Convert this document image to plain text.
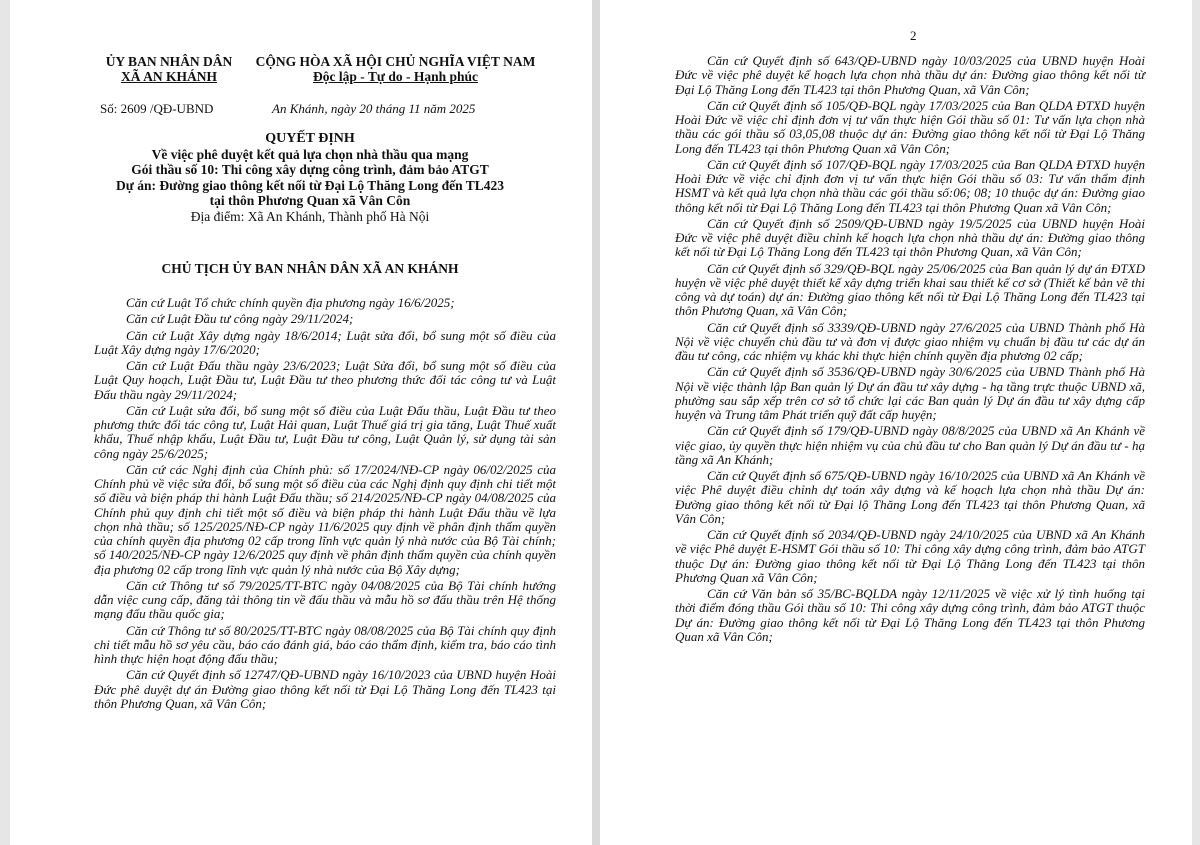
ỦY BAN NHÂN DÂN
XÃ AN KHÁNH
CỘNG HÒA XÃ HỘI CHỦ NGHĨA VIỆT NAM
Độc lập - Tự do - Hạnh phúc
Số: 2609 /QĐ-UBND	An Khánh, ngày 20 tháng 11 năm 2025
QUYẾT ĐỊNH
Về việc phê duyệt kết quả lựa chọn nhà thầu qua mạng
Gói thầu số 10: Thi công xây dựng công trình, đảm bảo ATGT
Dự án: Đường giao thông kết nối từ Đại Lộ Thăng Long đến TL423
tại thôn Phương Quan xã Vân Côn
Địa điểm: Xã An Khánh, Thành phố Hà Nội
CHỦ TỊCH ỦY BAN NHÂN DÂN XÃ AN KHÁNH

Căn cứ Luật Tổ chức chính quyền địa phương ngày 16/6/2025;

Căn cứ Luật Đầu tư công ngày 29/11/2024;

Căn cứ Luật Xây dựng ngày 18/6/2014; Luật sửa đổi, bổ sung một số điều của Luật Xây dựng ngày 17/6/2020;

Căn cứ Luật Đấu thầu ngày 23/6/2023; Luật Sửa đổi, bổ sung một số điều của Luật Quy hoạch, Luật Đầu tư, Luật Đầu tư theo phương thức đối tác công tư và Luật Đấu thầu ngày 29/11/2024;

Căn cứ Luật sửa đổi, bổ sung một số điều của Luật Đấu thầu, Luật Đầu tư theo phương thức đối tác công tư, Luật Hải quan, Luật Thuế giá trị gia tăng, Luật Thuế xuất khẩu, Thuế nhập khẩu, Luật Đầu tư, Luật Đầu tư công, Luật Quản lý, sử dụng tài sản công ngày 25/6/2025;

Căn cứ các Nghị định của Chính phủ: số 17/2024/NĐ-CP ngày 06/02/2025 của Chính phủ về việc sửa đổi, bổ sung một số điều của các Nghị định quy định chi tiết một số điều và biện pháp thi hành Luật Đấu thầu; số 214/2025/NĐ-CP ngày 04/08/2025 của Chính phủ quy định chi tiết một số điều và biện pháp thi hành Luật Đấu thầu về lựa chọn nhà thầu; số 125/2025/NĐ-CP ngày 11/6/2025 quy định về phân định thẩm quyền của chính quyền địa phương 02 cấp trong lĩnh vực quản lý nhà nước của Bộ Tài chính; số 140/2025/NĐ-CP ngày 12/6/2025 quy định về phân định thẩm quyền của chính quyền địa phương 02 cấp trong lĩnh vực quản lý nhà nước của Bộ Xây dựng;

Căn cứ Thông tư số 79/2025/TT-BTC ngày 04/08/2025 của Bộ Tài chính hướng dẫn việc cung cấp, đăng tải thông tin về đấu thầu và mẫu hồ sơ đấu thầu trên Hệ thống mạng đấu thầu quốc gia;

Căn cứ Thông tư số 80/2025/TT-BTC ngày 08/08/2025 của Bộ Tài chính quy định chi tiết mẫu hồ sơ yêu cầu, báo cáo đánh giá, báo cáo thẩm định, kiểm tra, báo cáo tình hình thực hiện hoạt động đấu thầu;

Căn cứ Quyết định số 12747/QĐ-UBND ngày 16/10/2023 của UBND huyện Hoài Đức phê duyệt dự án Đường giao thông kết nối từ Đại Lộ Thăng Long đến TL423 tại thôn Phương Quan, xã Vân Côn;

2

Căn cứ Quyết định số 643/QĐ-UBND ngày 10/03/2025 của UBND huyện Hoài Đức về việc phê duyệt kế hoạch lựa chọn nhà thầu dự án: Đường giao thông kết nối từ Đại Lộ Thăng Long đến TL423 tại thôn Phương Quan, xã Vân Côn;

Căn cứ Quyết định số 105/QĐ-BQL ngày 17/03/2025 của Ban QLDA ĐTXD huyện Hoài Đức về việc chỉ định đơn vị tư vấn thực hiện Gói thầu số 01: Tư vấn lựa chọn nhà thầu các gói thầu số 03,05,08 thuộc dự án: Đường giao thông kết nối từ Đại Lộ Thăng Long đến TL423 tại thôn Phương Quan xã Vân Côn;

Căn cứ Quyết định số 107/QĐ-BQL ngày 17/03/2025 của Ban QLDA ĐTXD huyện Hoài Đức về việc chỉ định đơn vị tư vấn thực hiện Gói thầu số 03: Tư vấn thẩm định HSMT và kết quả lựa chọn nhà thầu các gói thầu số:06; 08; 10 thuộc dự án: Đường giao thông kết nối từ Đại Lộ Thăng Long đến TL423 tại thôn Phương Quan xã Vân Côn;

Căn cứ Quyết định số 2509/QĐ-UBND ngày 19/5/2025 của UBND huyện Hoài Đức về việc phê duyệt điều chỉnh kế hoạch lựa chọn nhà thầu dự án: Đường giao thông kết nối từ Đại Lộ Thăng Long đến TL423 tại thôn Phương Quan, xã Vân Côn;

Căn cứ Quyết định số 329/QĐ-BQL ngày 25/06/2025 của Ban quản lý dự án ĐTXD huyện về việc phê duyệt thiết kế xây dựng triển khai sau thiết kế cơ sở (Thiết kế bản vẽ thi công và dự toán) dự án: Đường giao thông kết nối từ Đại Lộ Thăng Long đến TL423 tại thôn Phương Quan, xã Vân Côn;

Căn cứ Quyết định số 3339/QĐ-UBND ngày 27/6/2025 của UBND Thành phố Hà Nội về việc chuyển chủ đầu tư và đơn vị được giao nhiệm vụ chuẩn bị đầu tư các dự án đầu tư công, các nhiệm vụ khác khi thực hiện chính quyền địa phương 02 cấp;

Căn cứ Quyết định số 3536/QĐ-UBND ngày 30/6/2025 của UBND Thành phố Hà Nội về việc thành lập Ban quản lý Dự án đầu tư xây dựng - hạ tầng trực thuộc UBND xã, phường sau sắp xếp trên cơ sở tổ chức lại các Ban quản lý Dự án đầu tư xây dựng cấp huyện và Trung tâm Phát triển quỹ đất cấp huyện;

Căn cứ Quyết định số 179/QĐ-UBND ngày 08/8/2025 của UBND xã An Khánh về việc giao, ủy quyền thực hiện nhiệm vụ của chủ đầu tư cho Ban quản lý Dự án đầu tư - hạ tầng xã An Khánh;

Căn cứ Quyết định số 675/QĐ-UBND ngày 16/10/2025 của UBND xã An Khánh về việc Phê duyệt điều chỉnh dự toán xây dựng và kế hoạch lựa chọn nhà thầu Dự án: Đường giao thông kết nối từ Đại lộ Thăng Long đến TL423 tại thôn Phương Quan, xã Vân Côn;

Căn cứ Quyết định số 2034/QĐ-UBND ngày 24/10/2025 của UBND xã An Khánh về việc Phê duyệt E-HSMT Gói thầu số 10: Thi công xây dựng công trình, đảm bảo ATGT thuộc Dự án: Đường giao thông kết nối từ Đại Lộ Thăng Long đến TL423 tại thôn Phương Quan xã Vân Côn;

Căn cứ Văn bản số 35/BC-BQLDA ngày 12/11/2025 về việc xử lý tình huống tại thời điểm đóng thầu Gói thầu số 10: Thi công xây dựng công trình, đảm bảo ATGT thuộc Dự án: Đường giao thông kết nối từ Đại Lộ Thăng Long đến TL423 tại thôn Phương Quan xã Vân Côn;
